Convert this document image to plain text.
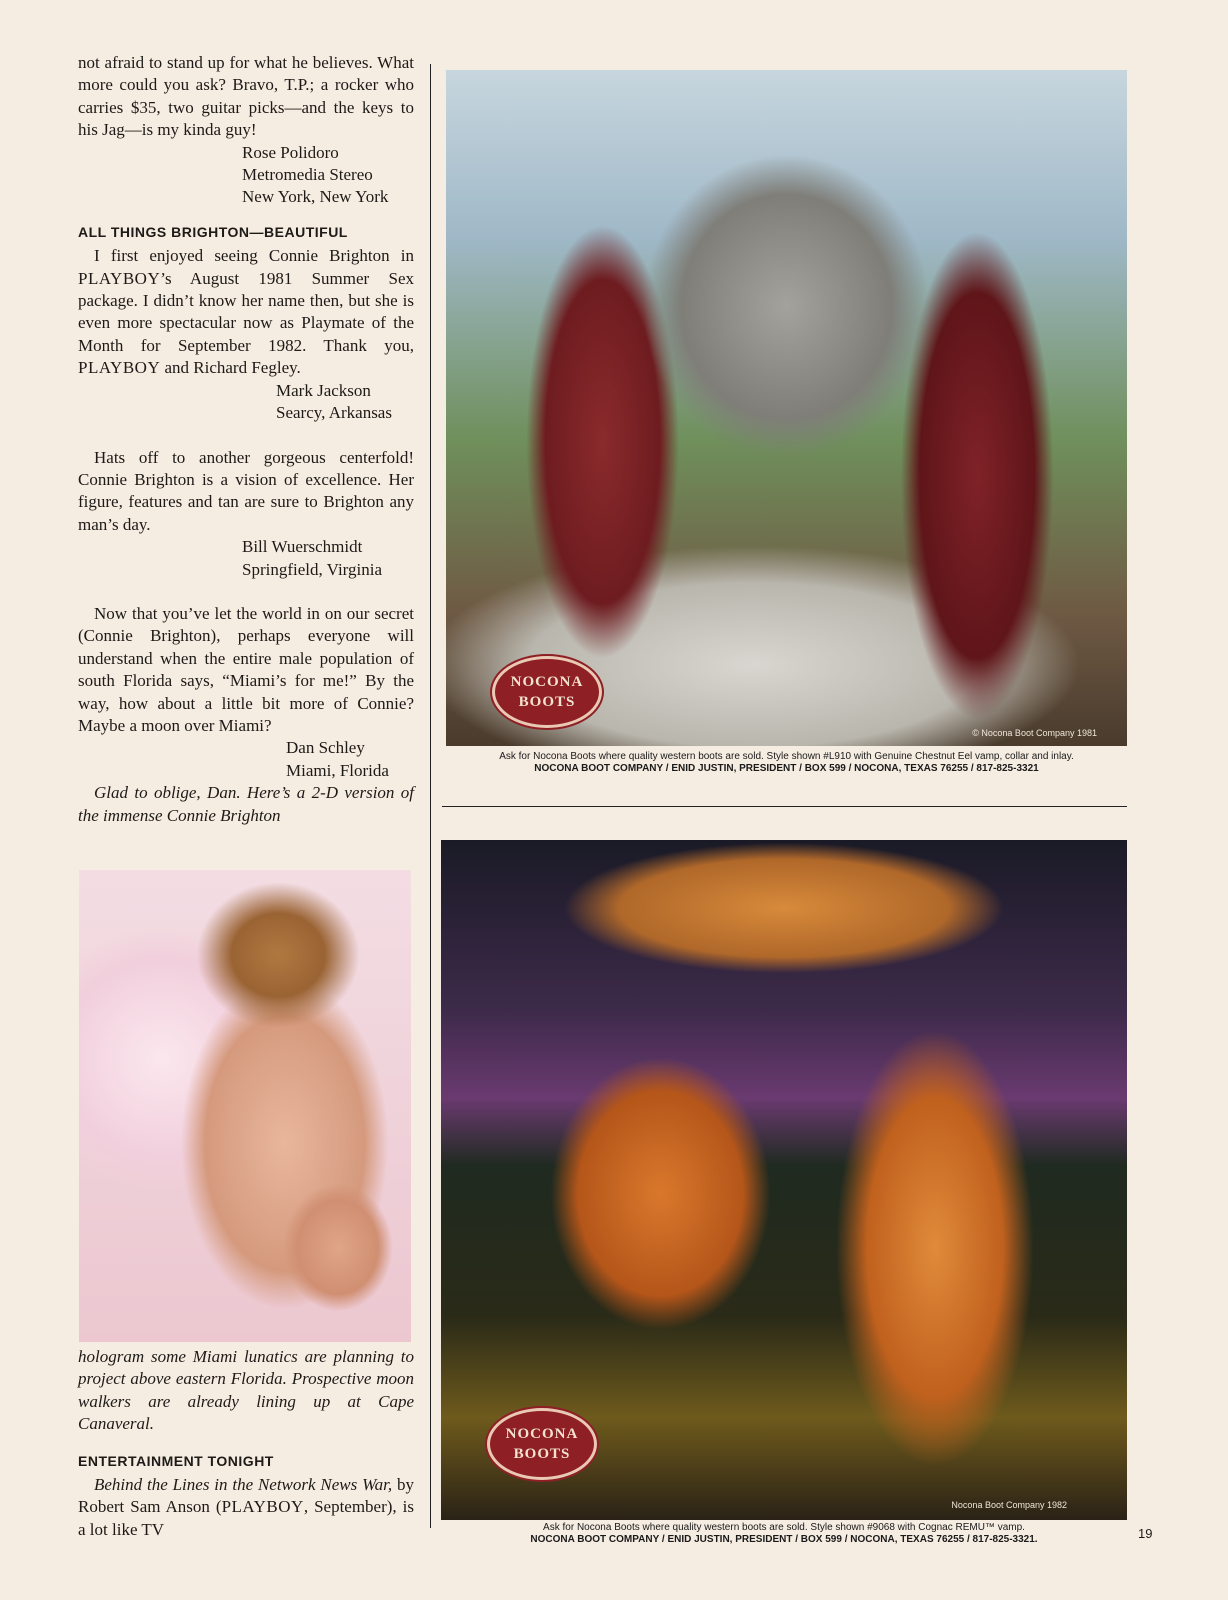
not afraid to stand up for what he believes. What more could you ask? Bravo, T.P.; a rocker who carries $35, two guitar picks—and the keys to his Jag—is my kinda guy!

Rose Polidoro
Metromedia Stereo
New York, New York
ALL THINGS BRIGHTON—BEAUTIFUL

I first enjoyed seeing Connie Brighton in PLAYBOY’s August 1981 Summer Sex package. I didn’t know her name then, but she is even more spectacular now as Playmate of the Month for September 1982. Thank you, PLAYBOY and Richard Fegley.

Mark Jackson
Searcy, Arkansas

Hats off to another gorgeous centerfold! Connie Brighton is a vision of excellence. Her figure, features and tan are sure to Brighton any man’s day.

Bill Wuerschmidt
Springfield, Virginia

Now that you’ve let the world in on our secret (Connie Brighton), perhaps everyone will understand when the entire male population of south Florida says, “Miami’s for me!” By the way, how about a little bit more of Connie? Maybe a moon over Miami?

Dan Schley
Miami, Florida

Glad to oblige, Dan. Here’s a 2-D version of the immense Connie Brighton

hologram some Miami lunatics are planning to project above eastern Florida. Prospective moon walkers are already lining up at Cape Canaveral.

ENTERTAINMENT TONIGHT

Behind the Lines in the Network News War, by Robert Sam Anson (PLAYBOY, September), is a lot like TV

NOCONA
BOOTS
© Nocona Boot Company 1981
Ask for Nocona Boots where quality western boots are sold. Style shown #L910 with Genuine Chestnut Eel vamp, collar and inlay.
NOCONA BOOT COMPANY / ENID JUSTIN, PRESIDENT / BOX 599 / NOCONA, TEXAS 76255 / 817-825-3321
NOCONA
BOOTS
Nocona Boot Company 1982
Ask for Nocona Boots where quality western boots are sold. Style shown #9068 with Cognac REMU™ vamp.
NOCONA BOOT COMPANY / ENID JUSTIN, PRESIDENT / BOX 599 / NOCONA, TEXAS 76255 / 817-825-3321.	19
